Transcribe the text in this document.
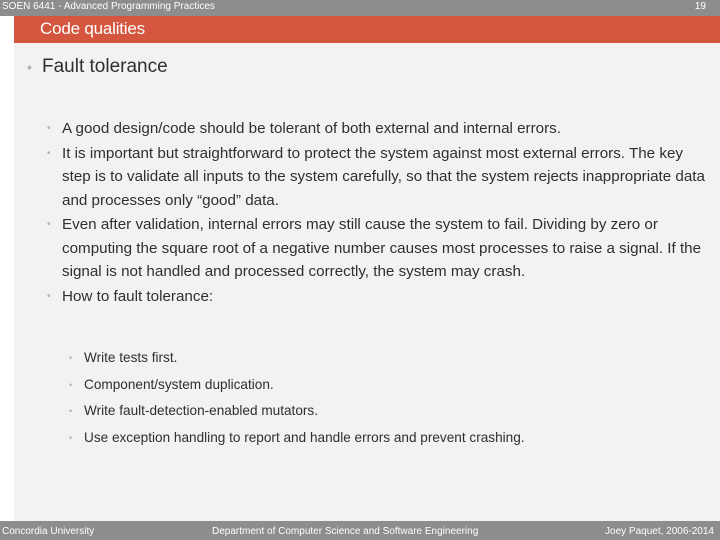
SOEN 6441 - Advanced Programming Practices	19
Code qualities
• Fault tolerance
• A good design/code should be tolerant of both external and internal errors.
• It is important but straightforward to protect the system against most external errors. The key step is to validate all inputs to the system carefully, so that the system rejects inappropriate data and processes only “good” data.
• Even after validation, internal errors may still cause the system to fail. Dividing by zero or computing the square root of a negative number causes most processes to raise a signal. If the signal is not handled and processed correctly, the system may crash.
• How to fault tolerance:
• Write tests first.
• Component/system duplication.
• Write fault-detection-enabled mutators.
• Use exception handling to report and handle errors and prevent crashing.
Concordia University	Department of Computer Science and Software Engineering	Joey Paquet, 2006-2014
